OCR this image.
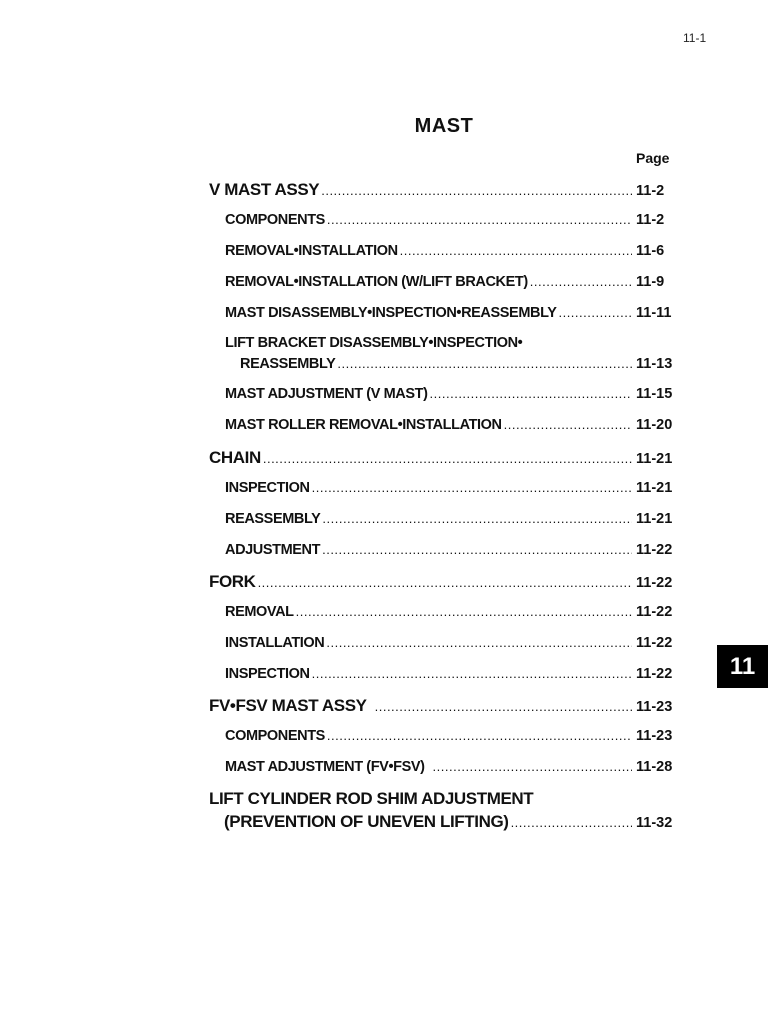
11-1
MAST
Page
V MAST ASSY .....	11-2
COMPONENTS .....	11-2
REMOVAL•INSTALLATION .....	11-6
REMOVAL•INSTALLATION (W/LIFT BRACKET) .....	11-9
MAST DISASSEMBLY•INSPECTION•REASSEMBLY .....	11-11
LIFT BRACKET DISASSEMBLY•INSPECTION•
REASSEMBLY .....	11-13
MAST ADJUSTMENT (V MAST) .....	11-15
MAST ROLLER REMOVAL•INSTALLATION .....	11-20
CHAIN .....	11-21
INSPECTION .....	11-21
REASSEMBLY .....	11-21
ADJUSTMENT .....	11-22
FORK .....	11-22
REMOVAL .....	11-22
INSTALLATION .....	11-22
INSPECTION .....	11-22
FV•FSV MAST ASSY .....	11-23
COMPONENTS .....	11-23
MAST ADJUSTMENT (FV•FSV) .....	11-28
LIFT CYLINDER ROD SHIM ADJUSTMENT
(PREVENTION OF UNEVEN LIFTING) .....	11-32
11
